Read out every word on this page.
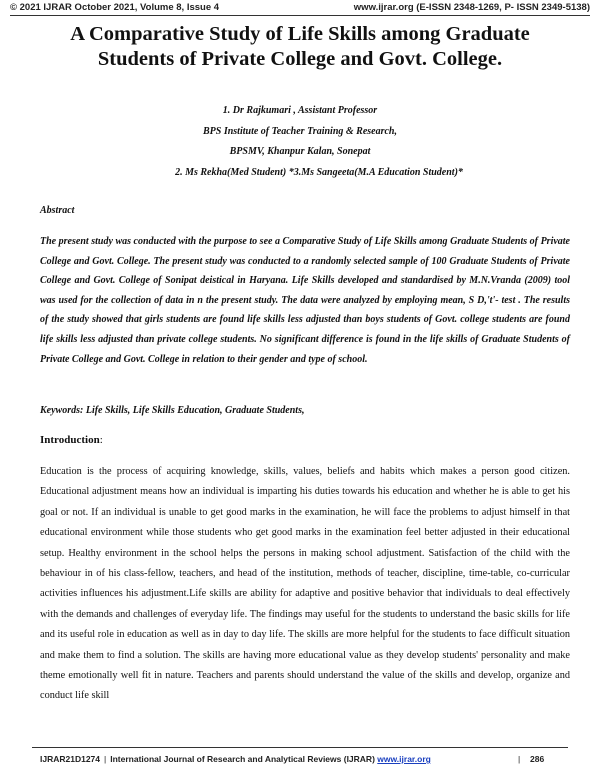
© 2021 IJRAR October 2021, Volume 8, Issue 4	www.ijrar.org (E-ISSN 2348-1269, P- ISSN 2349-5138)
A Comparative Study of Life Skills among Graduate
Students of Private College and Govt. College.
1. Dr Rajkumari , Assistant Professor
BPS Institute of Teacher Training & Research,
BPSMV, Khanpur Kalan, Sonepat
2. Ms Rekha(Med Student) *3.Ms Sangeeta(M.A Education Student)*
Abstract
The present study was conducted with the purpose to see a Comparative Study of Life Skills among Graduate Students of Private College and Govt. College. The present study was conducted to a randomly selected sample of 100 Graduate Students of Private College and Govt. College of Sonipat deistical in Haryana. Life Skills developed and standardised by M.N.Vranda (2009) tool was used for the collection of data in n the present study. The data were analyzed by employing mean, S D,'t'- test . The results of the study showed that girls students are found life skills less adjusted than boys students of Govt. college students are found life skills less adjusted than private college students. No significant difference is found in the life skills of Graduate Students of Private College and Govt. College in relation to their gender and type of school.
Keywords: Life Skills, Life Skills Education, Graduate Students,
Introduction:
Education is the process of acquiring knowledge, skills, values, beliefs and habits which makes a person good citizen. Educational adjustment means how an individual is imparting his duties towards his education and whether he is able to get his goal or not. If an individual is unable to get good marks in the examination, he will face the problems to adjust himself in that educational environment while those students who get good marks in the examination feel better adjusted in their educational setup. Healthy environment in the school helps the persons in making school adjustment. Satisfaction of the child with the behaviour in of his class-fellow, teachers, and head of the institution, methods of teacher, discipline, time-table, co-curricular activities influences his adjustment.Life skills are ability for adaptive and positive behavior that individuals to deal effectively with the demands and challenges of everyday life. The findings may useful for the students to understand the basic skills for life and its useful role in education as well as in day to day life. The skills are more helpful for the students to face difficult situation and make them to find a solution. The skills are having more educational value as they develop students' personality and make theme emotionally well fit in nature. Teachers and parents should understand the value of the skills and develop, organize and conduct life skill
IJRAR21D1274 | International Journal of Research and Analytical Reviews (IJRAR) www.ijrar.org	| 286
